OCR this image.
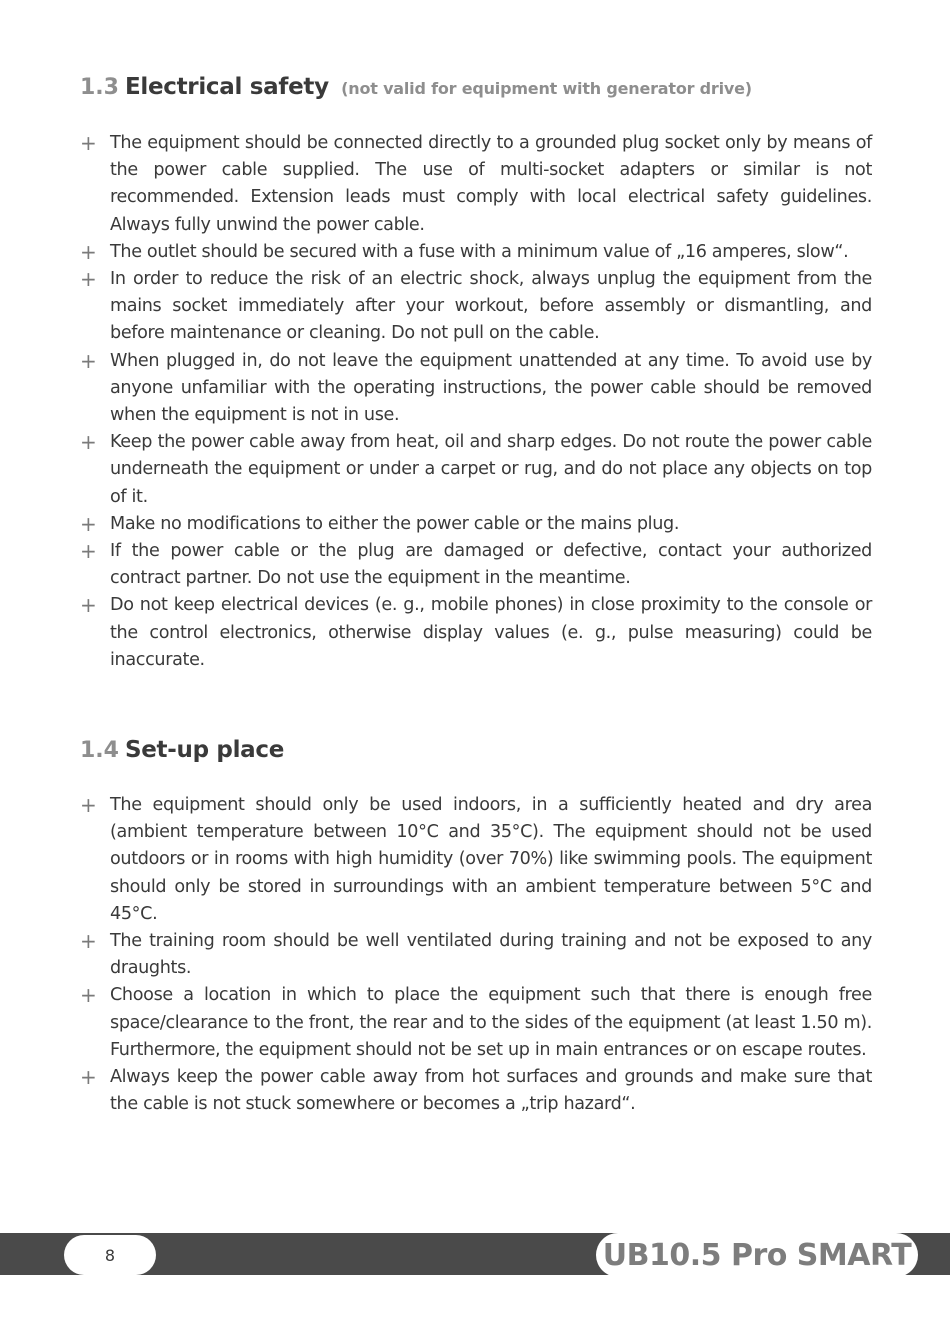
1.3 Electrical safety (not valid for equipment with generator drive)
+ The equipment should be connected directly to a grounded plug socket only by means of the power cable supplied. The use of multi-socket adapters or similar is not recommended. Extension leads must comply with local electrical safety guidelines. Always fully unwind the power cable.
+ The outlet should be secured with a fuse with a minimum value of „16 amperes, slow“.
+ In order to reduce the risk of an electric shock, always unplug the equipment from the mains socket immediately after your workout, before assembly or dismantling, and before maintenance or cleaning. Do not pull on the cable.
+ When plugged in, do not leave the equipment unattended at any time. To avoid use by anyone unfamiliar with the operating instructions, the power cable should be removed when the equipment is not in use.
+ Keep the power cable away from heat, oil and sharp edges. Do not route the power cable underneath the equipment or under a carpet or rug, and do not place any objects on top of it.
+ Make no modifications to either the power cable or the mains plug.
+ If the power cable or the plug are damaged or defective, contact your authorized contract partner. Do not use the equipment in the meantime.
+ Do not keep electrical devices (e. g., mobile phones) in close proximity to the console or the control electronics, otherwise display values (e. g., pulse measuring) could be inaccurate.
1.4 Set-up place
+ The equipment should only be used indoors, in a sufficiently heated and dry area (ambient temperature between 10°C and 35°C). The equipment should not be used outdoors or in rooms with high humidity (over 70%) like swimming pools. The equipment should only be stored in surroundings with an ambient temperature between 5°C and 45°C.
+ The training room should be well ventilated during training and not be exposed to any draughts.
+ Choose a location in which to place the equipment such that there is enough free space/clearance to the front, the rear and to the sides of the equipment (at least 1.50 m). Furthermore, the equipment should not be set up in main entrances or on escape routes.
+ Always keep the power cable away from hot surfaces and grounds and make sure that the cable is not stuck somewhere or becomes a „trip hazard“.
8	UB10.5 Pro SMART
